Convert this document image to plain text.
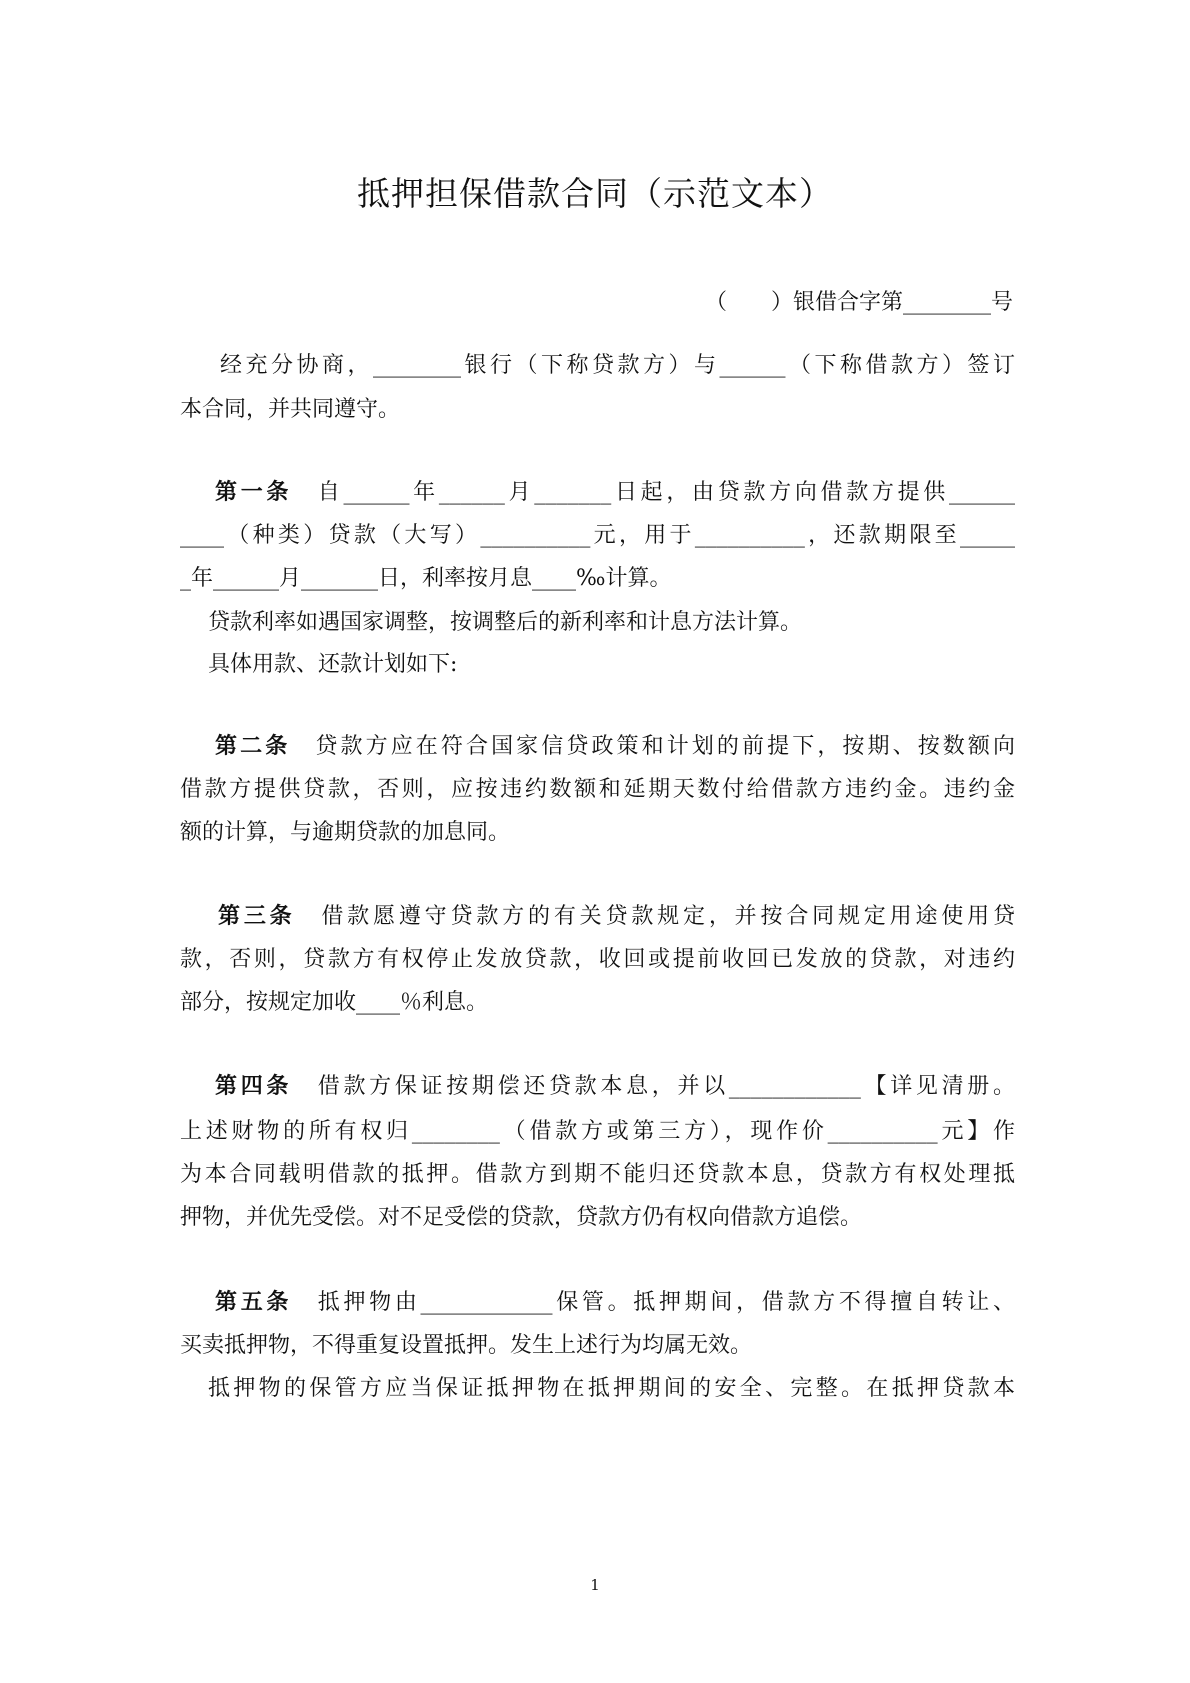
抵押担保借款合同（示范文本）
（　　）银借合字第________号
经充分协商，________银行（下称贷款方）与______（下称借款方）签订
本合同，并共同遵守。
第一条　 自______年______月_______日起，由贷款方向借款方提供______
____（种类）贷款（大写）__________元，用于__________，还款期限至_____
_年______月_______日，利率按月息____‰计算。
贷款利率如遇国家调整，按调整后的新利率和计息方法计算。
具体用款、还款计划如下:
第二条　 贷款方应在符合国家信贷政策和计划的前提下，按期、按数额向
借款方提供贷款，否则，应按违约数额和延期天数付给借款方违约金。违约金
额的计算，与逾期贷款的加息同。
第三条　 借款愿遵守贷款方的有关贷款规定，并按合同规定用途使用贷
款，否则，贷款方有权停止发放贷款，收回或提前收回已发放的贷款，对违约
部分，按规定加收____％利息。
第四条　 借款方保证按期偿还贷款本息，并以____________【详见清册。
上述财物的所有权归________（借款方或第三方），现作价__________元】作
为本合同载明借款的抵押。借款方到期不能归还贷款本息，贷款方有权处理抵
押物，并优先受偿。对不足受偿的贷款，贷款方仍有权向借款方追偿。
第五条　 抵押物由____________保管。抵押期间，借款方不得擅自转让、
买卖抵押物，不得重复设置抵押。发生上述行为均属无效。
抵押物的保管方应当保证抵押物在抵押期间的安全、完整。在抵押贷款本
1
